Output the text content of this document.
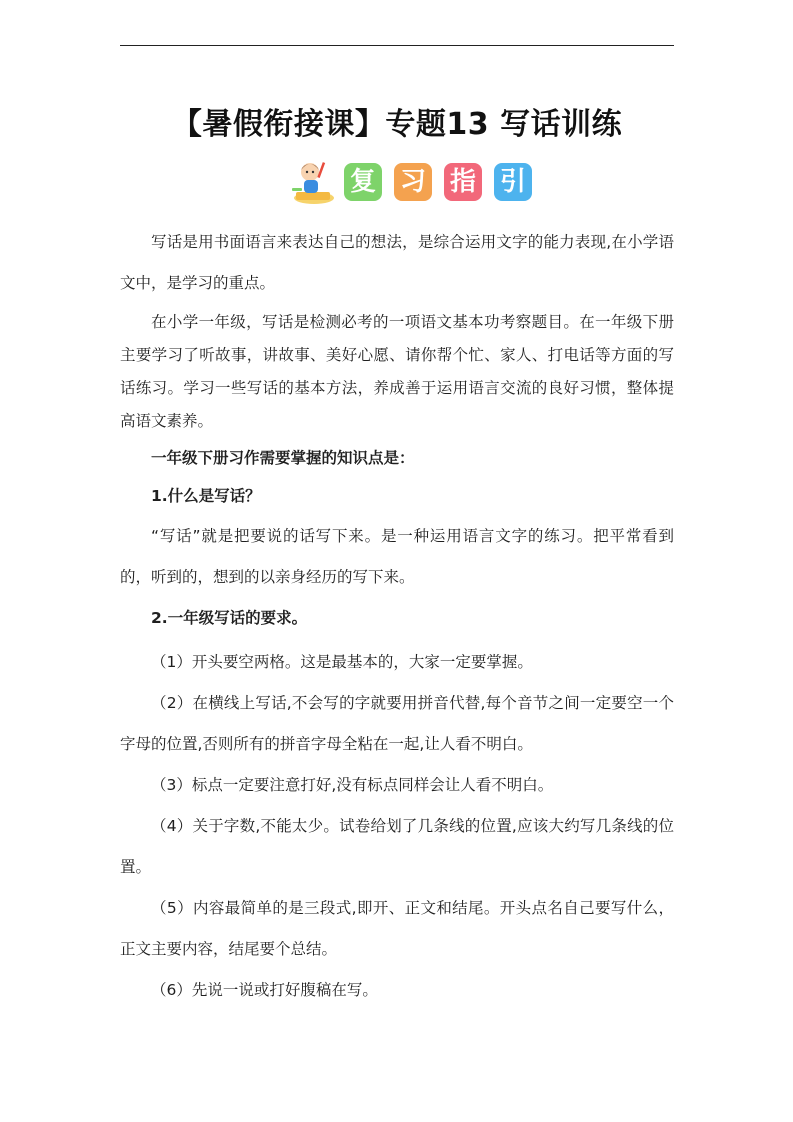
【暑假衔接课】专题13 写话训练
复 习 指 引

写话是用书面语言来表达自己的想法，是综合运用文字的能力表现,在小学语文中，是学习的重点。

在小学一年级，写话是检测必考的一项语文基本功考察题目。在一年级下册主要学习了听故事，讲故事、美好心愿、请你帮个忙、家人、打电话等方面的写话练习。学习一些写话的基本方法，养成善于运用语言交流的良好习惯，整体提高语文素养。

一年级下册习作需要掌握的知识点是：

1.什么是写话？

“写话”就是把要说的话写下来。是一种运用语言文字的练习。把平常看到的，听到的，想到的以亲身经历的写下来。

2.一年级写话的要求。

（1）开头要空两格。这是最基本的，大家一定要掌握。

（2）在横线上写话,不会写的字就要用拼音代替,每个音节之间一定要空一个字母的位置,否则所有的拼音字母全粘在一起,让人看不明白。

（3）标点一定要注意打好,没有标点同样会让人看不明白。

（4）关于字数,不能太少。试卷给划了几条线的位置,应该大约写几条线的位置。

（5）内容最简单的是三段式,即开、正文和结尾。开头点名自己要写什么，正文主要内容，结尾要个总结。

（6）先说一说或打好腹稿在写。
